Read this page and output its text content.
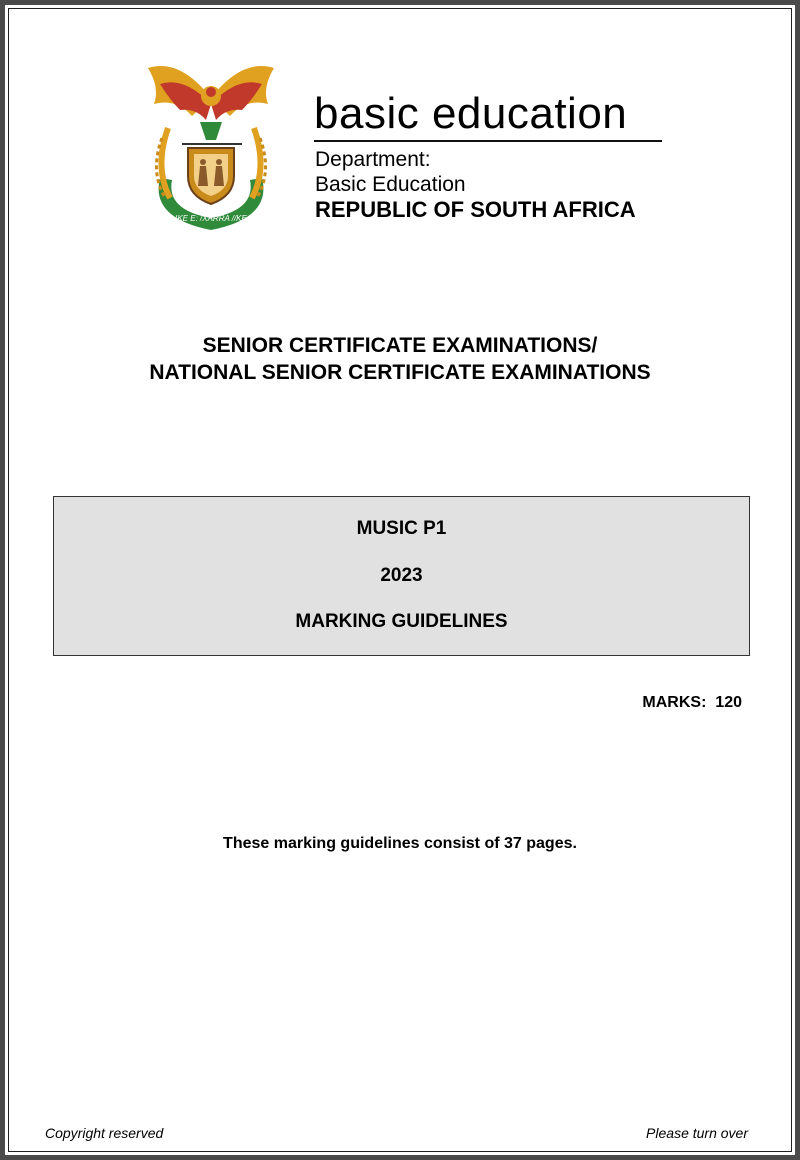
!KE E: /XARRA //KE
basic education
Department:
Basic Education
REPUBLIC OF SOUTH AFRICA
SENIOR CERTIFICATE EXAMINATIONS/
NATIONAL SENIOR CERTIFICATE EXAMINATIONS
MUSIC P1
2023
MARKING GUIDELINES
MARKS: 120
These marking guidelines consist of 37 pages.
Copyright reserved	Please turn over
